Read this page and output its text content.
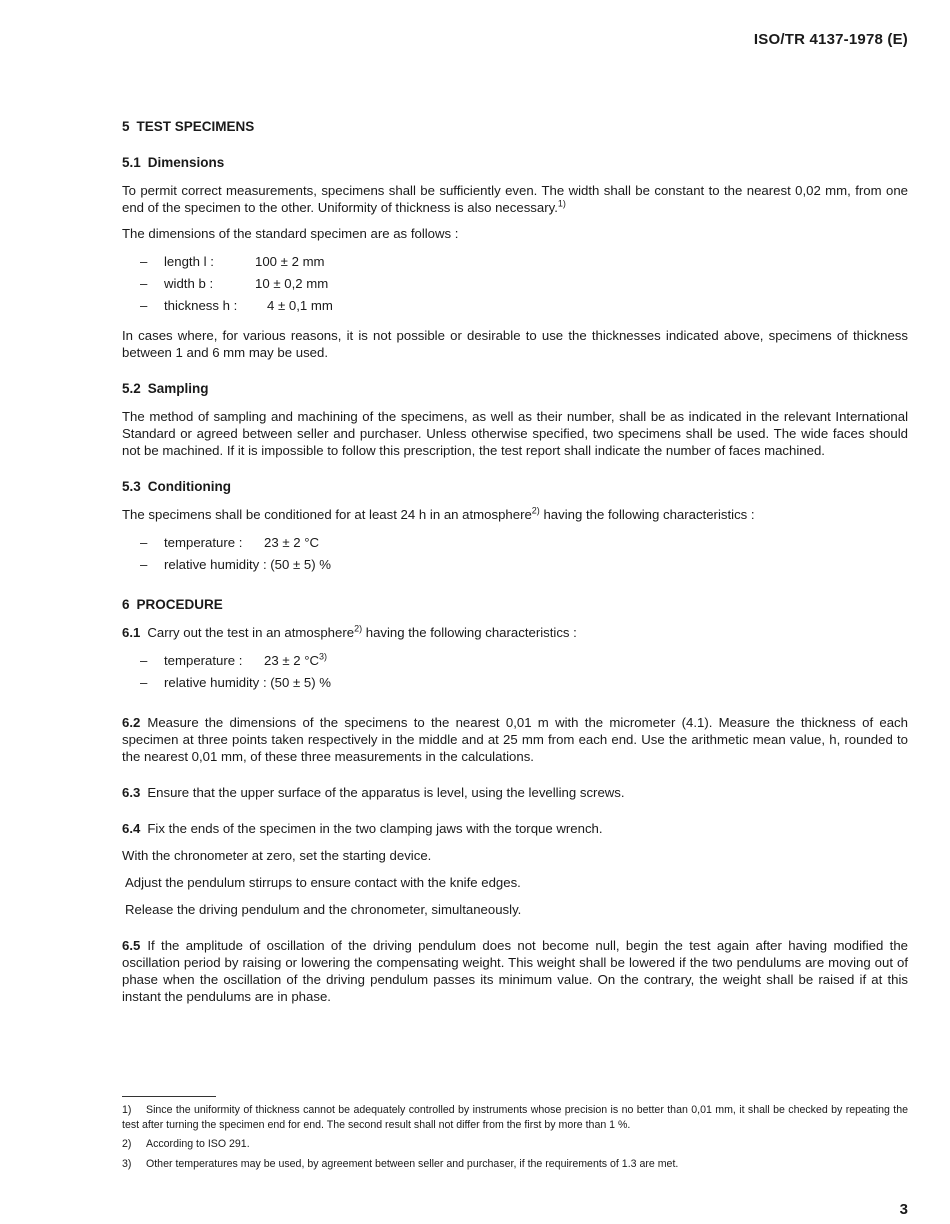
ISO/TR 4137-1978 (E)
5 TEST SPECIMENS
5.1 Dimensions
To permit correct measurements, specimens shall be sufficiently even. The width shall be constant to the nearest 0,02 mm, from one end of the specimen to the other. Uniformity of thickness is also necessary.$^{1)}$
The dimensions of the standard specimen are as follows :
– length l :	100 ± 2 mm
– width b :	10 ± 0,2 mm
– thickness h : 4 ± 0,1 mm
In cases where, for various reasons, it is not possible or desirable to use the thicknesses indicated above, specimens of thickness between 1 and 6 mm may be used.
5.2 Sampling
The method of sampling and machining of the specimens, as well as their number, shall be as indicated in the relevant International Standard or agreed between seller and purchaser. Unless otherwise specified, two specimens shall be used. The wide faces should not be machined. If it is impossible to follow this prescription, the test report shall indicate the number of faces machined.
5.3 Conditioning
The specimens shall be conditioned for at least 24 h in an atmosphere$^{2)}$ having the following characteristics :
– temperature : 23 ± 2 °C
– relative humidity : (50 ± 5) %
6 PROCEDURE
6.1 Carry out the test in an atmosphere$^{2)}$ having the following characteristics :
– temperature : 23 ± 2 $^\circ C^{3)}$
– relative humidity : (50 ± 5) %
6.2 Measure the dimensions of the specimens to the nearest 0,01 m with the micrometer (4.1). Measure the thickness of each specimen at three points taken respectively in the middle and at 25 mm from each end. Use the arithmetic mean value, h, rounded to the nearest 0,01 mm, of these three measurements in the calculations.
6.3 Ensure that the upper surface of the apparatus is level, using the levelling screws.
6.4 Fix the ends of the specimen in the two clamping jaws with the torque wrench.
With the chronometer at zero, set the starting device.
Adjust the pendulum stirrups to ensure contact with the knife edges.
Release the driving pendulum and the chronometer, simultaneously.
6.5 If the amplitude of oscillation of the driving pendulum does not become null, begin the test again after having modified the oscillation period by raising or lowering the compensating weight. This weight shall be lowered if the two pendulums are moving out of phase when the oscillation of the driving pendulum passes its minimum value. On the contrary, the weight shall be raised if at this instant the pendulums are in phase.
1) Since the uniformity of thickness cannot be adequately controlled by instruments whose precision is no better than 0,01 mm, it shall be checked by repeating the test after turning the specimen end for end. The second result shall not differ from the first by more than 1 %.
2) According to ISO 291.
3) Other temperatures may be used, by agreement between seller and purchaser, if the requirements of 1.3 are met.
3
